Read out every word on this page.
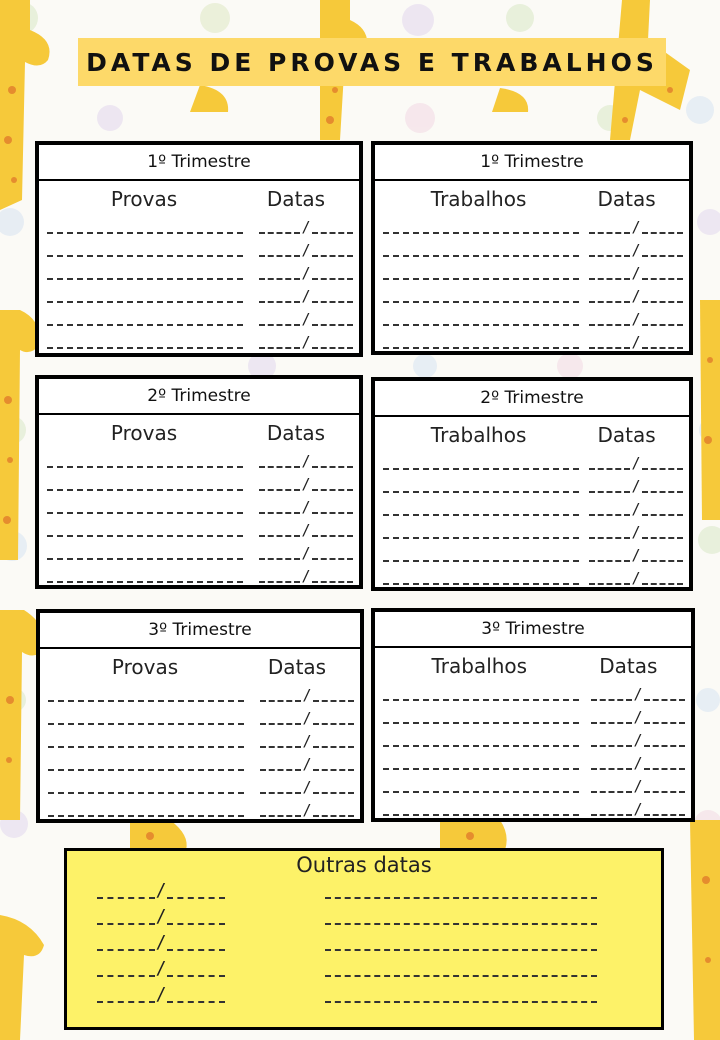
DATAS DE PROVAS E TRABALHOS
1º Trimestre
Provas	Datas
/
/
/
/
/
/
1º Trimestre
Trabalhos	Datas
/
/
/
/
/
/
2º Trimestre
Provas	Datas
/
/
/
/
/
/
2º Trimestre
Trabalhos	Datas
/
/
/
/
/
/
3º Trimestre
Provas	Datas
/
/
/
/
/
/
3º Trimestre
Trabalhos	Datas
/
/
/
/
/
/
Outras datas
/
/
/
/
/
